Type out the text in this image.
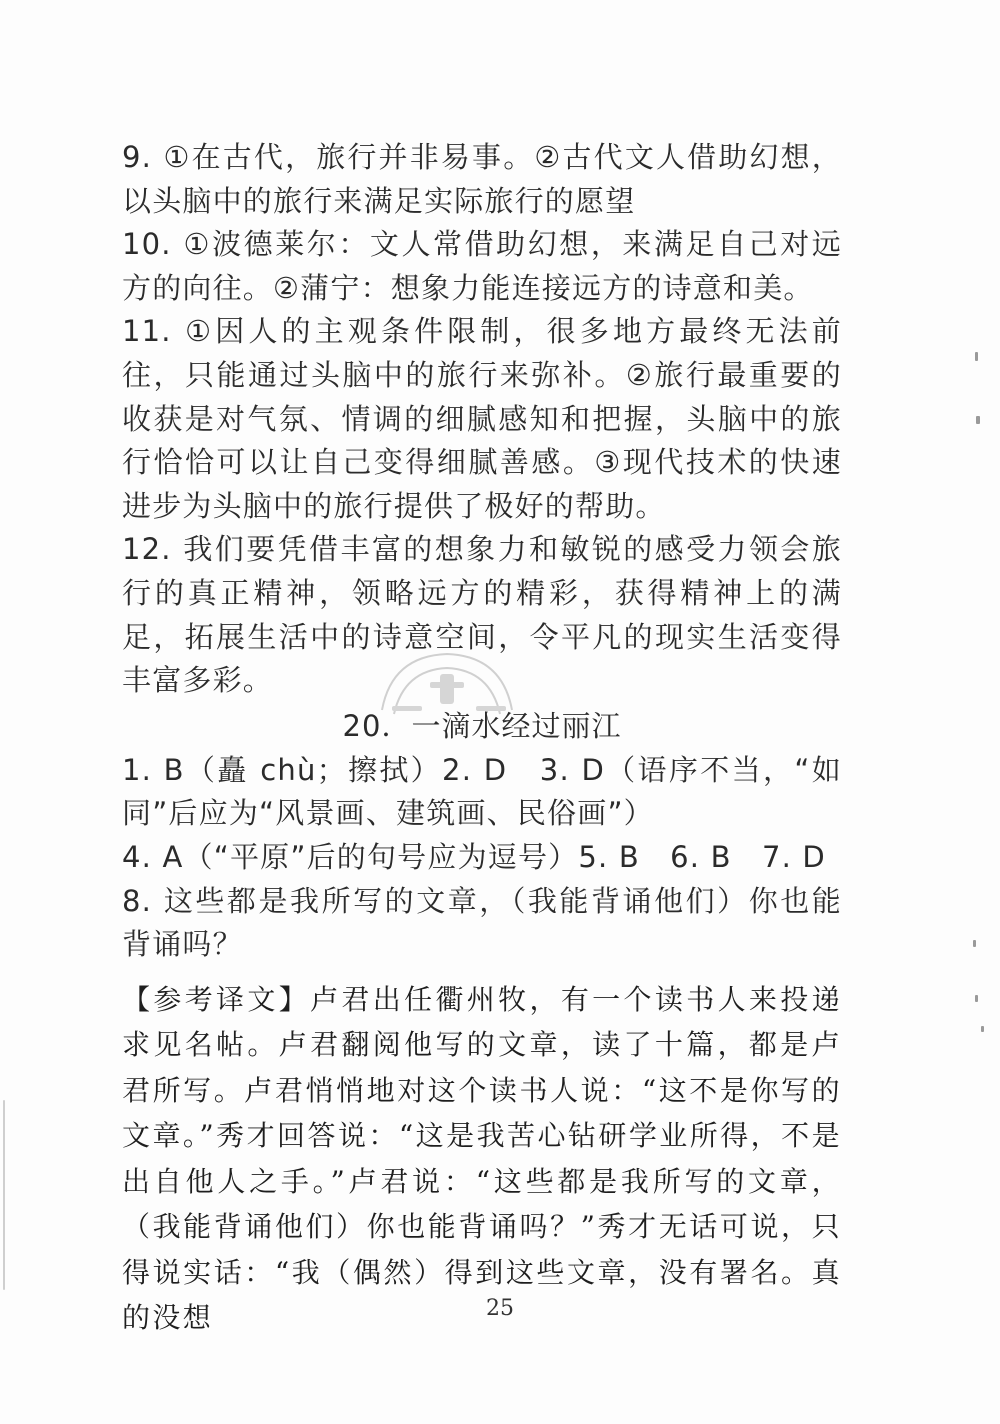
9. ①在古代，旅行并非易事。②古代文人借助幻想，以头脑中的旅行来满足实际旅行的愿望

10. ①波德莱尔：文人常借助幻想，来满足自己对远方的向往。②蒲宁：想象力能连接远方的诗意和美。

11. ①因人的主观条件限制，很多地方最终无法前往，只能通过头脑中的旅行来弥补。②旅行最重要的收获是对气氛、情调的细腻感知和把握，头脑中的旅行恰恰可以让自己变得细腻善感。③现代技术的快速进步为头脑中的旅行提供了极好的帮助。

12. 我们要凭借丰富的想象力和敏锐的感受力领会旅行的真正精神，领略远方的精彩，获得精神上的满足，拓展生活中的诗意空间，令平凡的现实生活变得丰富多彩。

20．一滴水经过丽江

1. B（矗 chù；擦拭）2. D　3. D（语序不当，“如同”后应为“风景画、建筑画、民俗画”）

4. A（“平原”后的句号应为逗号）5. B　6. B　7. D

8. 这些都是我所写的文章，（我能背诵他们）你也能背诵吗？

【参考译文】卢君出任衢州牧，有一个读书人来投递求见名帖。卢君翻阅他写的文章，读了十篇，都是卢君所写。卢君悄悄地对这个读书人说：“这不是你写的文章。”秀才回答说：“这是我苦心钻研学业所得，不是出自他人之手。”卢君说：“这些都是我所写的文章，（我能背诵他们）你也能背诵吗？”秀才无话可说，只得说实话：“我（偶然）得到这些文章，没有署名。真的没想	25
